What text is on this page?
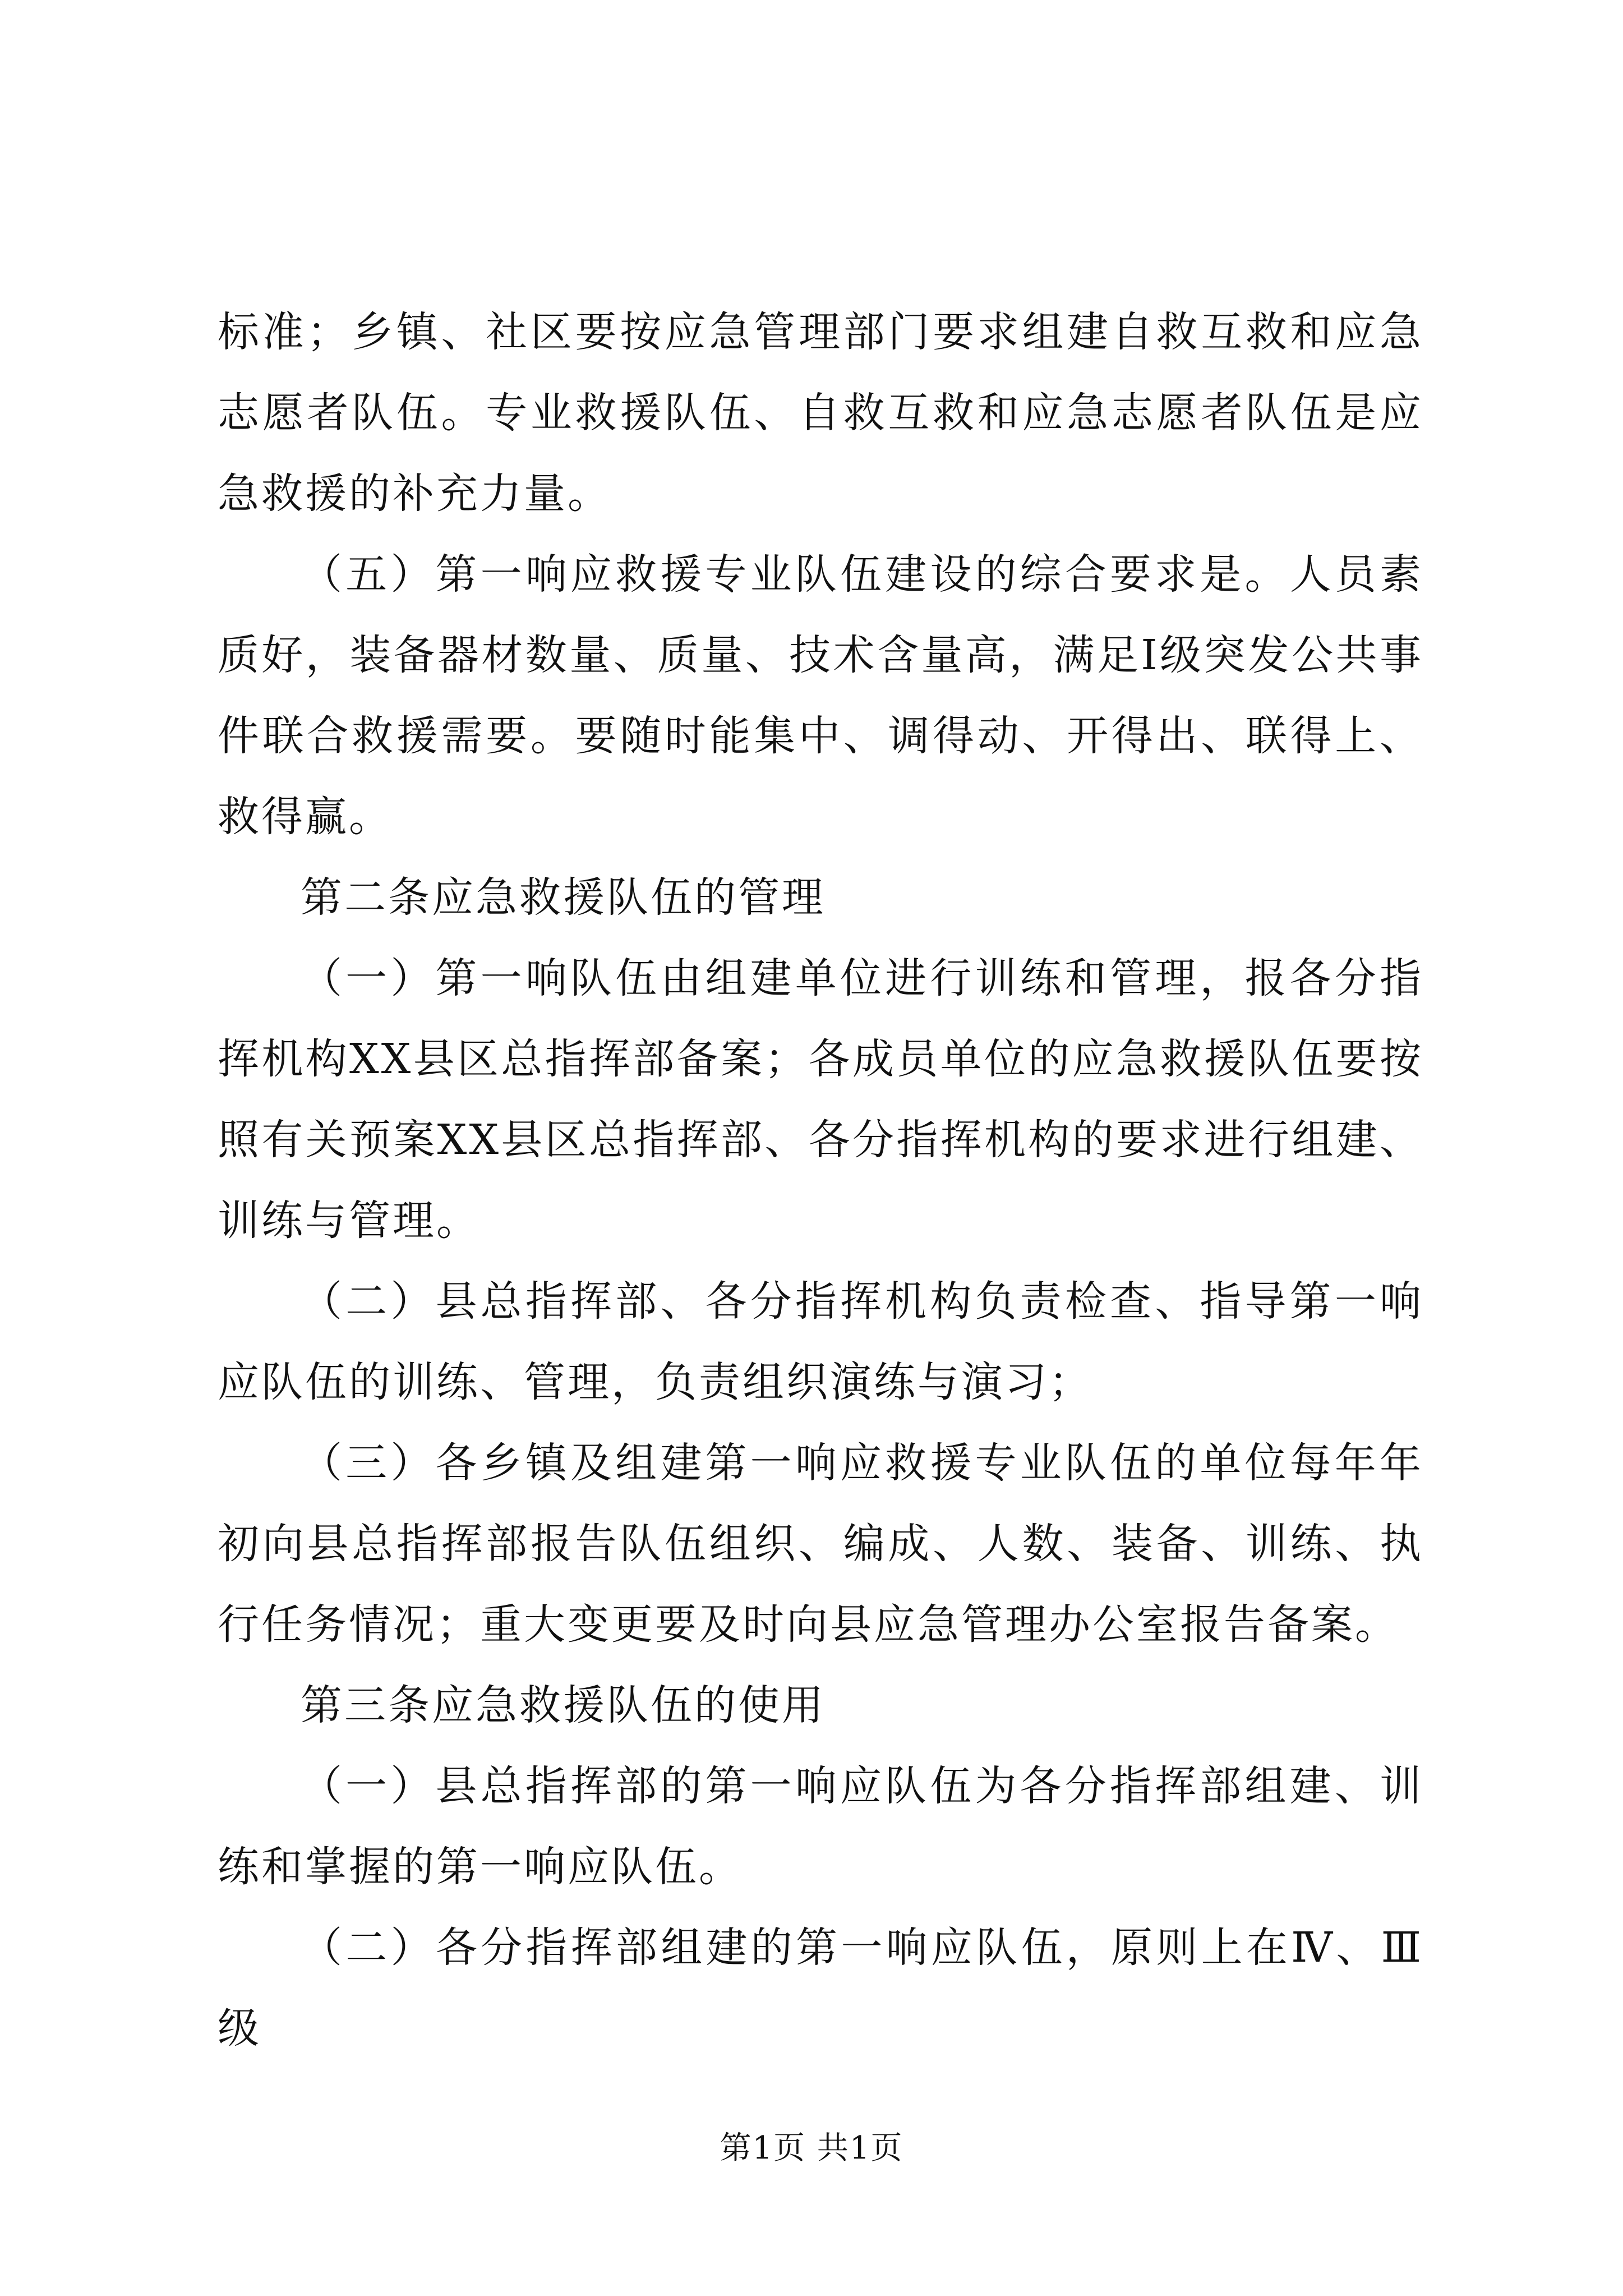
标准；乡镇、社区要按应急管理部门要求组建自救互救和应急志愿者队伍。专业救援队伍、自救互救和应急志愿者队伍是应急救援的补充力量。

（五）第一响应救援专业队伍建设的综合要求是。人员素质好，装备器材数量、质量、技术含量高，满足Ⅰ级突发公共事件联合救援需要。要随时能集中、调得动、开得出、联得上、救得赢。

第二条应急救援队伍的管理

（一）第一响队伍由组建单位进行训练和管理，报各分指挥机构XX县区总指挥部备案；各成员单位的应急救援队伍要按照有关预案XX县区总指挥部、各分指挥机构的要求进行组建、训练与管理。

（二）县总指挥部、各分指挥机构负责检查、指导第一响应队伍的训练、管理，负责组织演练与演习；

（三）各乡镇及组建第一响应救援专业队伍的单位每年年初向县总指挥部报告队伍组织、编成、人数、装备、训练、执行任务情况；重大变更要及时向县应急管理办公室报告备案。

第三条应急救援队伍的使用

（一）县总指挥部的第一响应队伍为各分指挥部组建、训练和掌握的第一响应队伍。

（二）各分指挥部组建的第一响应队伍，原则上在Ⅳ、Ⅲ级

第1页 共1页
